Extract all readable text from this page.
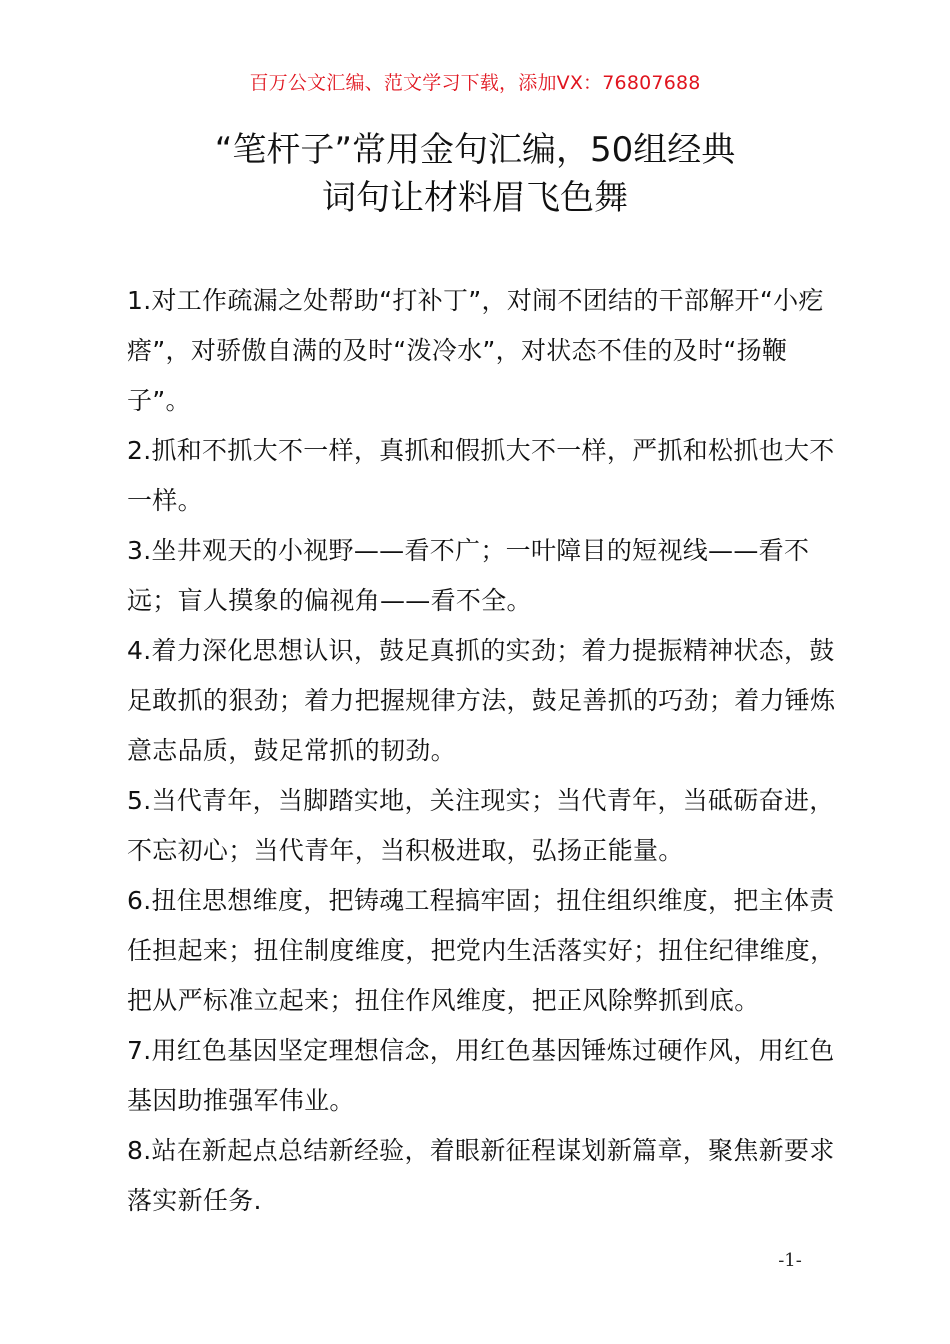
百万公文汇编、范文学习下载，添加VX：76807688
“笔杆子”常用金句汇编，50组经典
词句让材料眉飞色舞

1.对工作疏漏之处帮助“打补丁”，对闹不团结的干部解开“小疙瘩”，对骄傲自满的及时“泼冷水”，对状态不佳的及时“扬鞭子”。

2.抓和不抓大不一样，真抓和假抓大不一样，严抓和松抓也大不一样。

3.坐井观天的小视野——看不广；一叶障目的短视线——看不远；盲人摸象的偏视角——看不全。

4.着力深化思想认识，鼓足真抓的实劲；着力提振精神状态，鼓足敢抓的狠劲；着力把握规律方法，鼓足善抓的巧劲；着力锤炼意志品质，鼓足常抓的韧劲。

5.当代青年，当脚踏实地，关注现实；当代青年，当砥砺奋进，不忘初心；当代青年，当积极进取，弘扬正能量。

6.扭住思想维度，把铸魂工程搞牢固；扭住组织维度，把主体责任担起来；扭住制度维度，把党内生活落实好；扭住纪律维度，把从严标准立起来；扭住作风维度，把正风除弊抓到底。

7.用红色基因坚定理想信念，用红色基因锤炼过硬作风，用红色基因助推强军伟业。

8.站在新起点总结新经验，着眼新征程谋划新篇章，聚焦新要求落实新任务.

-1-
